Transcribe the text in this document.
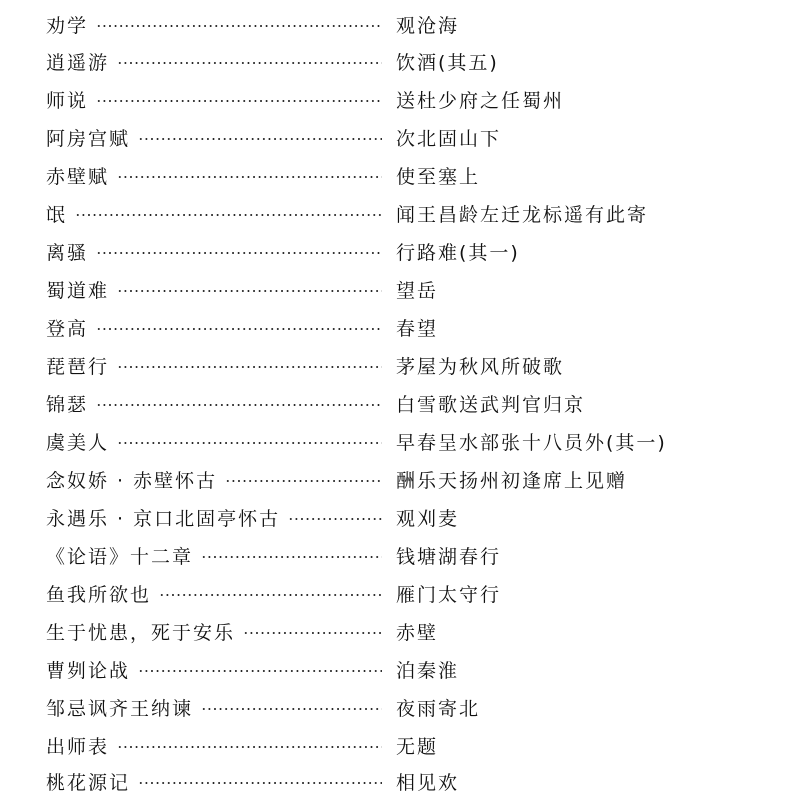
劝学	观沧海
逍遥游	饮酒(其五)
师说	送杜少府之任蜀州
阿房宫赋	次北固山下
赤壁赋	使至塞上
氓	闻王昌龄左迁龙标遥有此寄
离骚	行路难(其一)
蜀道难	望岳
登高	春望
琵琶行	茅屋为秋风所破歌
锦瑟	白雪歌送武判官归京
虞美人	早春呈水部张十八员外(其一)
念奴娇 · 赤壁怀古	酬乐天扬州初逢席上见赠
永遇乐 · 京口北固亭怀古	观刈麦
《论语》十二章	钱塘湖春行
鱼我所欲也	雁门太守行
生于忧患，死于安乐	赤壁
曹刿论战	泊秦淮
邹忌讽齐王纳谏	夜雨寄北
出师表	无题
桃花源记	相见欢
